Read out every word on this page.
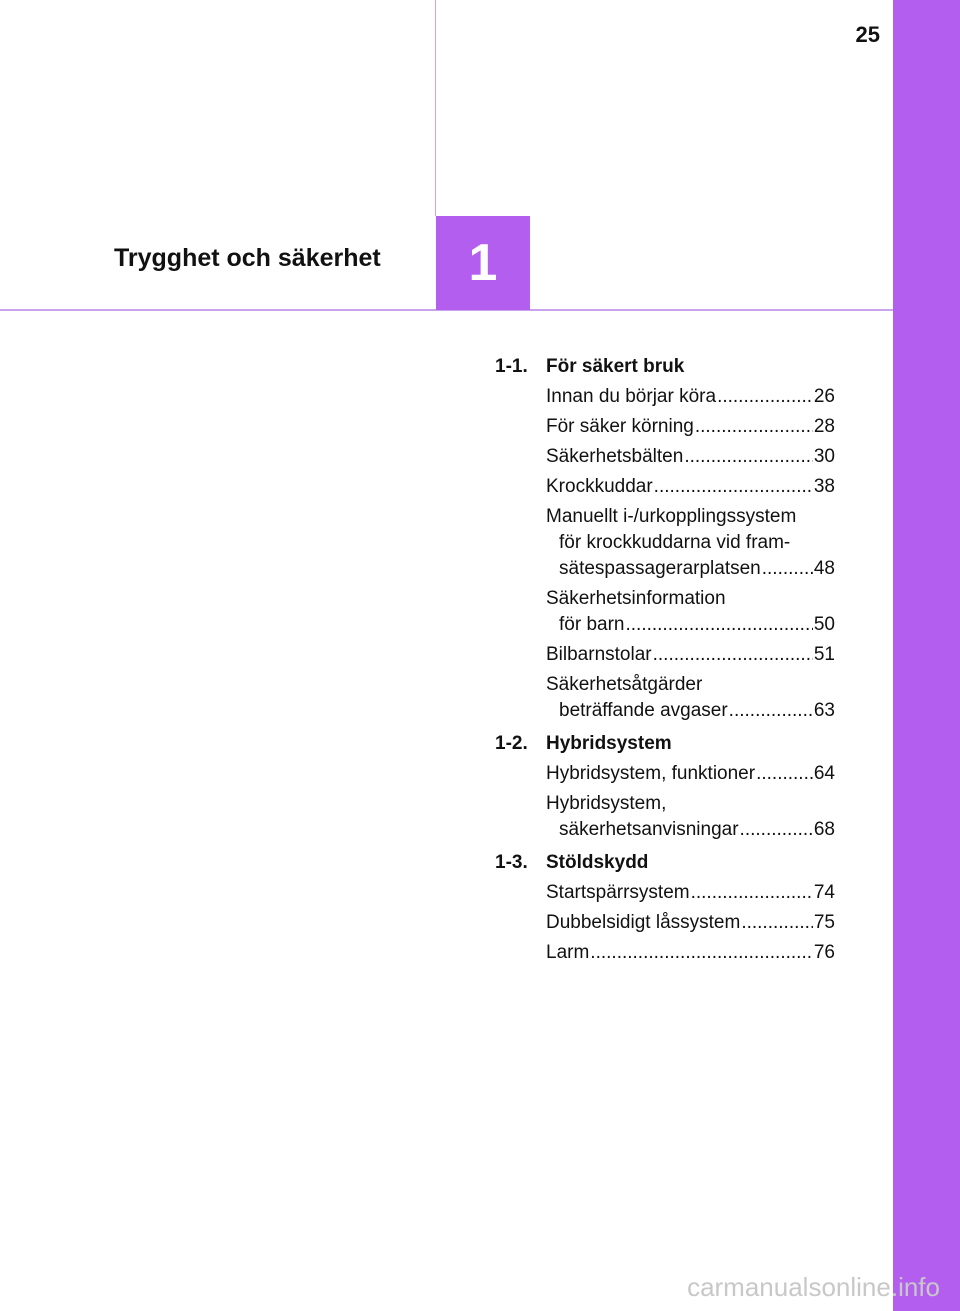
25
Trygghet och säkerhet 1
1-1. För säkert bruk
Innan du börjar köra .....	26
För säker körning .....	28
Säkerhetsbälten .....	30
Krockkuddar .....	38
Manuellt i-/urkopplingssystem
för krockkuddarna vid fram-
sätespassagerarplatsen .....	48
Säkerhetsinformation
för barn .....	50
Bilbarnstolar .....	51
Säkerhetsåtgärder
beträffande avgaser .....	63
1-2. Hybridsystem
Hybridsystem, funktioner .....	64
Hybridsystem,
säkerhetsanvisningar .....	68
1-3. Stöldskydd
Startspärrsystem .....	74
Dubbelsidigt låssystem .....	75
Larm .....	76
carmanualsonline.info
